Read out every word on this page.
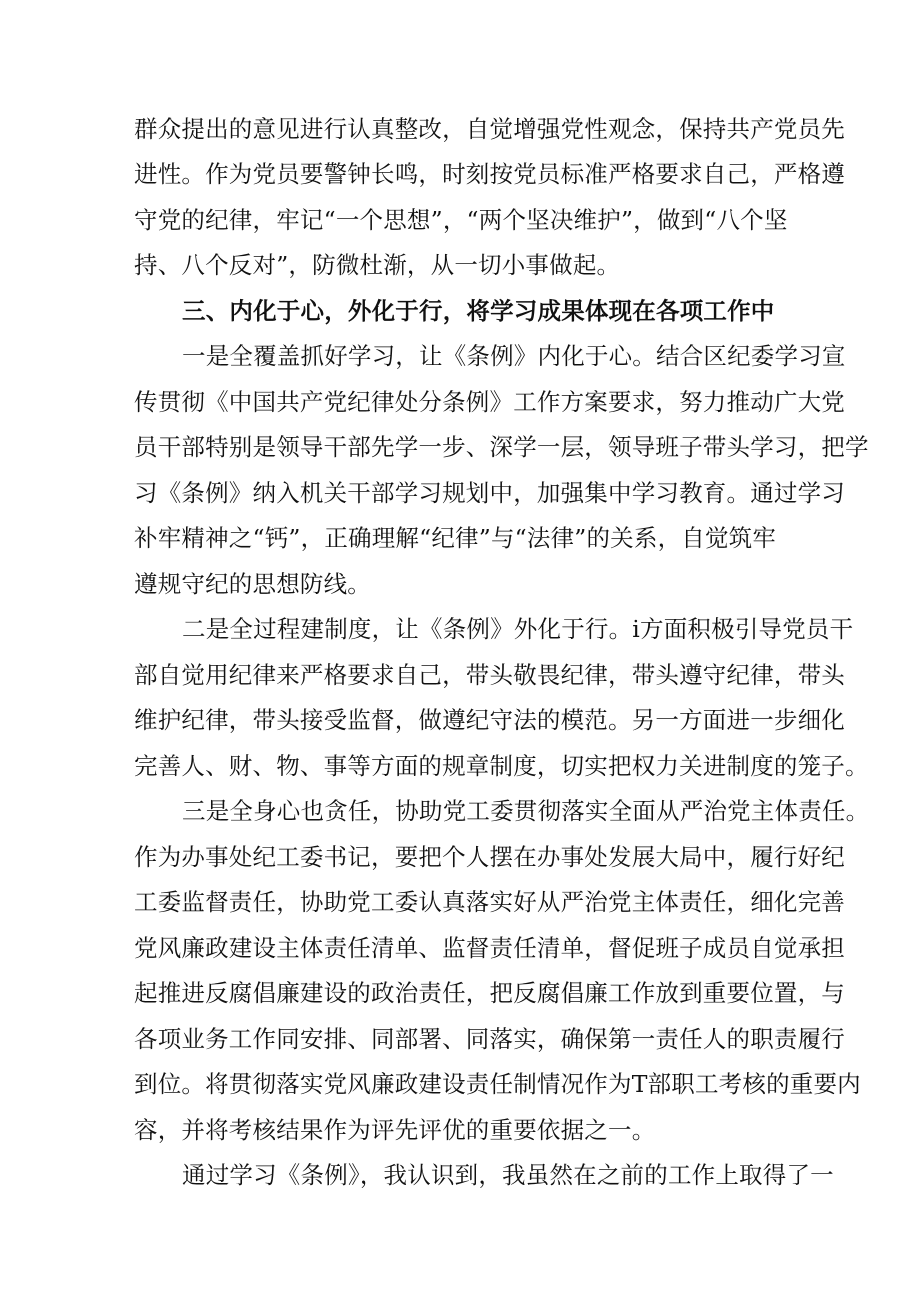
群众提出的意见进行认真整改，自觉增强党性观念，保持共产党员先
进性。作为党员要警钟长鸣，时刻按党员标准严格要求自己，严格遵
守党的纪律，牢记“一个思想”，“两个坚决维护”，做到“八个坚
持、八个反对”，防微杜渐，从一切小事做起。
三、内化于心，外化于行，将学习成果体现在各项工作中
一是全覆盖抓好学习，让《条例》内化于心。结合区纪委学习宣
传贯彻《中国共产党纪律处分条例》工作方案要求，努力推动广大党
员干部特别是领导干部先学一步、深学一层，领导班子带头学习，把学
习《条例》纳入机关干部学习规划中，加强集中学习教育。通过学习
补牢精神之“钙”，正确理解“纪律”与“法律”的关系，自觉筑牢
遵规守纪的思想防线。
二是全过程建制度，让《条例》外化于行。i方面积极引导党员干
部自觉用纪律来严格要求自己，带头敬畏纪律，带头遵守纪律，带头
维护纪律，带头接受监督，做遵纪守法的模范。另一方面进一步细化
完善人、财、物、事等方面的规章制度，切实把权力关进制度的笼子。
三是全身心也贪任，协助党工委贯彻落实全面从严治党主体责任。
作为办事处纪工委书记，要把个人摆在办事处发展大局中，履行好纪
工委监督责任，协助党工委认真落实好从严治党主体责任，细化完善
党风廉政建设主体责任清单、监督责任清单，督促班子成员自觉承担
起推进反腐倡廉建设的政治责任，把反腐倡廉工作放到重要位置，与
各项业务工作同安排、同部署、同落实，确保第一责任人的职责履行
到位。将贯彻落实党风廉政建设责任制情况作为T部职工考核的重要内
容，并将考核结果作为评先评优的重要依据之一。
通过学习《条例》，我认识到，我虽然在之前的工作上取得了一
